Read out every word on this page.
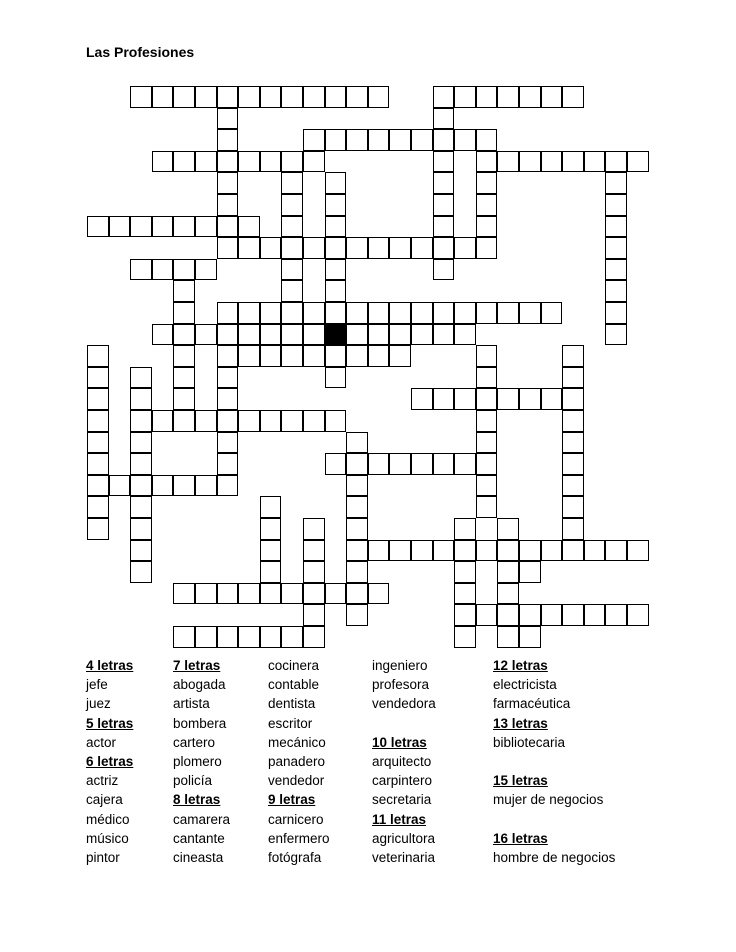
Las Profesiones
4 letras
jefe
juez
5 letras
actor
6 letras
actriz
cajera
médico
músico
pintor
7 letras
abogada
artista
bombera
cartero
plomero
policía
8 letras
camarera
cantante
cineasta
cocinera
contable
dentista
escritor
mecánico
panadero
vendedor
9 letras
carnicero
enfermero
fotógrafa
ingeniero
profesora
vendedora

10 letras
arquitecto
carpintero
secretaria
11 letras
agricultora
veterinaria
12 letras
electricista
farmacéutica
13 letras
bibliotecaria

15 letras
mujer de negocios

16 letras
hombre de negocios
